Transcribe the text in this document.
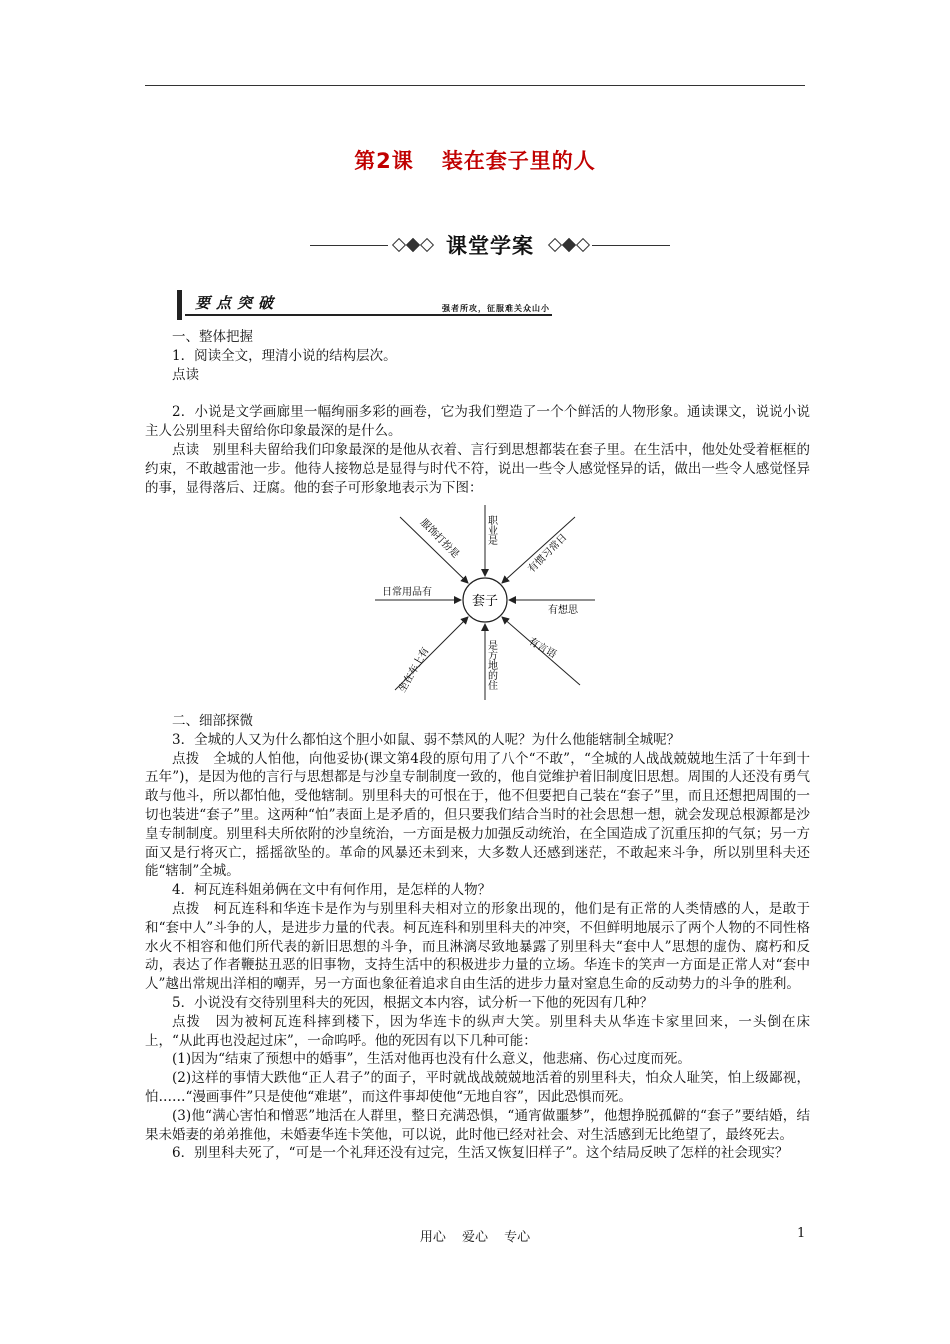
第2课 装在套子里的人
课堂学案
要点突破	强者所攻，征服难关众山小

一、整体把握

1．阅读全文，理清小说的结构层次。

点读

2．小说是文学画廊里一幅绚丽多彩的画卷，它为我们塑造了一个个鲜活的人物形象。通读课文，说说小说主人公别里科夫留给你印象最深的是什么。

点读　别里科夫留给我们印象最深的是他从衣着、言行到思想都装在套子里。在生活中，他处处受着框框的约束，不敢越雷池一步。他待人接物总是显得与时代不符，说出一些令人感觉怪异的话，做出一些令人感觉怪异的事，显得落后、迂腐。他的套子可形象地表示为下图：

套子
服饰打扮是 职业是
有惯习常日
日常用品有
有想思
坐在车上有	是方地的住	有言语

二、细部探微

3．全城的人又为什么都怕这个胆小如鼠、弱不禁风的人呢？为什么他能辖制全城呢？

点拨　全城的人怕他，向他妥协(课文第4段的原句用了八个“不敢”，“全城的人战战兢兢地生活了十年到十五年”)，是因为他的言行与思想都是与沙皇专制制度一致的，他自觉维护着旧制度旧思想。周围的人还没有勇气敢与他斗，所以都怕他，受他辖制。别里科夫的可恨在于，他不但要把自己装在“套子”里，而且还想把周围的一切也装进“套子”里。这两种“怕”表面上是矛盾的，但只要我们结合当时的社会思想一想，就会发现总根源都是沙皇专制制度。别里科夫所依附的沙皇统治，一方面是极力加强反动统治，在全国造成了沉重压抑的气氛；另一方面又是行将灭亡，摇摇欲坠的。革命的风暴还未到来，大多数人还感到迷茫，不敢起来斗争，所以别里科夫还能“辖制”全城。

4．柯瓦连科姐弟俩在文中有何作用，是怎样的人物？

点拨　柯瓦连科和华连卡是作为与别里科夫相对立的形象出现的，他们是有正常的人类情感的人，是敢于和“套中人”斗争的人，是进步力量的代表。柯瓦连科和别里科夫的冲突，不但鲜明地展示了两个人物的不同性格水火不相容和他们所代表的新旧思想的斗争，而且淋漓尽致地暴露了别里科夫“套中人”思想的虚伪、腐朽和反动，表达了作者鞭挞丑恶的旧事物，支持生活中的积极进步力量的立场。华连卡的笑声一方面是正常人对“套中人”越出常规出洋相的嘲弄，另一方面也象征着追求自由生活的进步力量对窒息生命的反动势力的斗争的胜利。

5．小说没有交待别里科夫的死因，根据文本内容，试分析一下他的死因有几种？

点拨　因为被柯瓦连科摔到楼下，因为华连卡的纵声大笑。别里科夫从华连卡家里回来，一头倒在床上，“从此再也没起过床”，一命呜呼。他的死因有以下几种可能：

(1)因为“结束了预想中的婚事”，生活对他再也没有什么意义，他悲痛、伤心过度而死。

(2)这样的事情大跌他“正人君子”的面子，平时就战战兢兢地活着的别里科夫，怕众人耻笑，怕上级鄙视，怕……“漫画事件”只是使他“难堪”，而这件事却使他“无地自容”，因此恐惧而死。

(3)他“满心害怕和憎恶”地活在人群里，整日充满恐惧，“通宵做噩梦”，他想挣脱孤僻的“套子”要结婚，结果未婚妻的弟弟推他，未婚妻华连卡笑他，可以说，此时他已经对社会、对生活感到无比绝望了，最终死去。

6．别里科夫死了，“可是一个礼拜还没有过完，生活又恢复旧样子”。这个结局反映了怎样的社会现实？

用心 爱心 专心	1
